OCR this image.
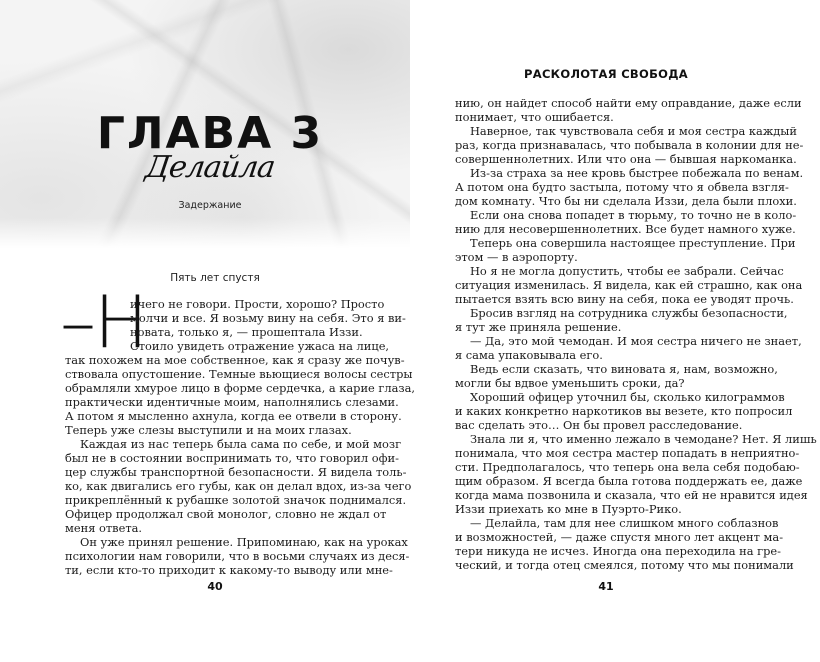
ГЛАВА 3
Делайла
Задержание
Пять лет спустя
–Н
ичего не говори. Прости, хорошо? Просто
молчи и все. Я возьму вину на себя. Это я ви-
новата, только я, — прошептала Иззи.
Стоило увидеть отражение ужаса на лице,
так похожем на мое собственное, как я сразу же почув-
ствовала опустошение. Темные вьющиеся волосы сестры
обрамляли хмурое лицо в форме сердечка, а карие глаза,
практически идентичные моим, наполнялись слезами.
А потом я мысленно ахнула, когда ее отвели в сторону.
Теперь уже слезы выступили и на моих глазах.
Каждая из нас теперь была сама по себе, и мой мозг
был не в состоянии воспринимать то, что говорил офи-
цер службы транспортной безопасности. Я видела толь-
ко, как двигались его губы, как он делал вдох, из-за чего
прикреплённый к рубашке золотой значок поднимался.
Офицер продолжал свой монолог, словно не ждал от
меня ответа.
Он уже принял решение. Припоминаю, как на уроках
психологии нам говорили, что в восьми случаях из деся-
ти, если кто-то приходит к какому-то выводу или мне-
40
РАСКОЛОТАЯ СВОБОДА
нию, он найдет способ найти ему оправдание, даже если
понимает, что ошибается.
Наверное, так чувствовала себя и моя сестра каждый
раз, когда признавалась, что побывала в колонии для не-
совершеннолетних. Или что она — бывшая наркоманка.
Из-за страха за нее кровь быстрее побежала по венам.
А потом она будто застыла, потому что я обвела взгля-
дом комнату. Что бы ни сделала Иззи, дела были плохи.
Если она снова попадет в тюрьму, то точно не в коло-
нию для несовершеннолетних. Все будет намного хуже.
Теперь она совершила настоящее преступление. При
этом — в аэропорту.
Но я не могла допустить, чтобы ее забрали. Сейчас
ситуация изменилась. Я видела, как ей страшно, как она
пытается взять всю вину на себя, пока ее уводят прочь.
Бросив взгляд на сотрудника службы безопасности,
я тут же приняла решение.
— Да, это мой чемодан. И моя сестра ничего не знает,
я сама упаковывала его.
Ведь если сказать, что виновата я, нам, возможно,
могли бы вдвое уменьшить сроки, да?
Хороший офицер уточнил бы, сколько килограммов
и каких конкретно наркотиков вы везете, кто попросил
вас сделать это… Он бы провел расследование.
Знала ли я, что именно лежало в чемодане? Нет. Я лишь
понимала, что моя сестра мастер попадать в неприятно-
сти. Предполагалось, что теперь она вела себя подобаю-
щим образом. Я всегда была готова поддержать ее, даже
когда мама позвонила и сказала, что ей не нравится идея
Иззи приехать ко мне в Пуэрто-Рико.
— Делайла, там для нее слишком много соблазнов
и возможностей, — даже спустя много лет акцент ма-
тери никуда не исчез. Иногда она переходила на гре-
ческий, и тогда отец смеялся, потому что мы понимали
41
